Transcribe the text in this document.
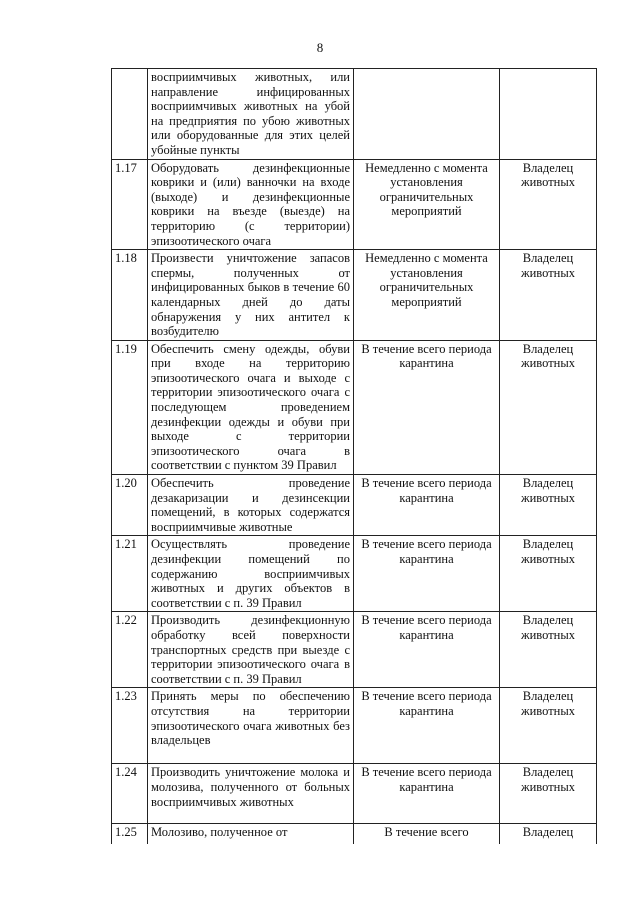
8
	восприимчивых животных, или направление инфицированных восприимчивых животных на убой на предприятия по убою животных или оборудованные для этих целей убойные пункты		
1.17	Оборудовать дезинфекционные коврики и (или) ванночки на входе (выходе) и дезинфекционные коврики на въезде (выезде) на территорию (с территории) эпизоотического очага	Немедленно с момента установления ограничительных мероприятий	Владелец животных
1.18	Произвести уничтожение запасов спермы, полученных от инфицированных быков в течение 60 календарных дней до даты обнаружения у них антител к возбудителю	Немедленно с момента установления ограничительных мероприятий	Владелец животных
1.19	Обеспечить смену одежды, обуви при входе на территорию эпизоотического очага и выходе с территории эпизоотического очага с последующем проведением дезинфекции одежды и обуви при выходе с территории эпизоотического очага в соответствии с пунктом 39 Правил	В течение всего периода карантина	Владелец животных
1.20	Обеспечить проведение дезакаризации и дезинсекции помещений, в которых содержатся восприимчивые животные	В течение всего периода карантина	Владелец животных
1.21	Осуществлять проведение дезинфекции помещений по содержанию восприимчивых животных и других объектов в соответствии с п. 39 Правил	В течение всего периода карантина	Владелец животных
1.22	Производить дезинфекционную обработку всей поверхности транспортных средств при выезде с территории эпизоотического очага в соответствии с п. 39 Правил	В течение всего периода карантина	Владелец животных
1.23	Принять меры по обеспечению отсутствия на территории эпизоотического очага животных без владельцев	В течение всего периода карантина	Владелец животных
1.24	Производить уничтожение молока и молозива, полученного от больных восприимчивых животных	В течение всего периода карантина	Владелец животных
1.25	Молозиво, полученное от	В течение всего	Владелец
